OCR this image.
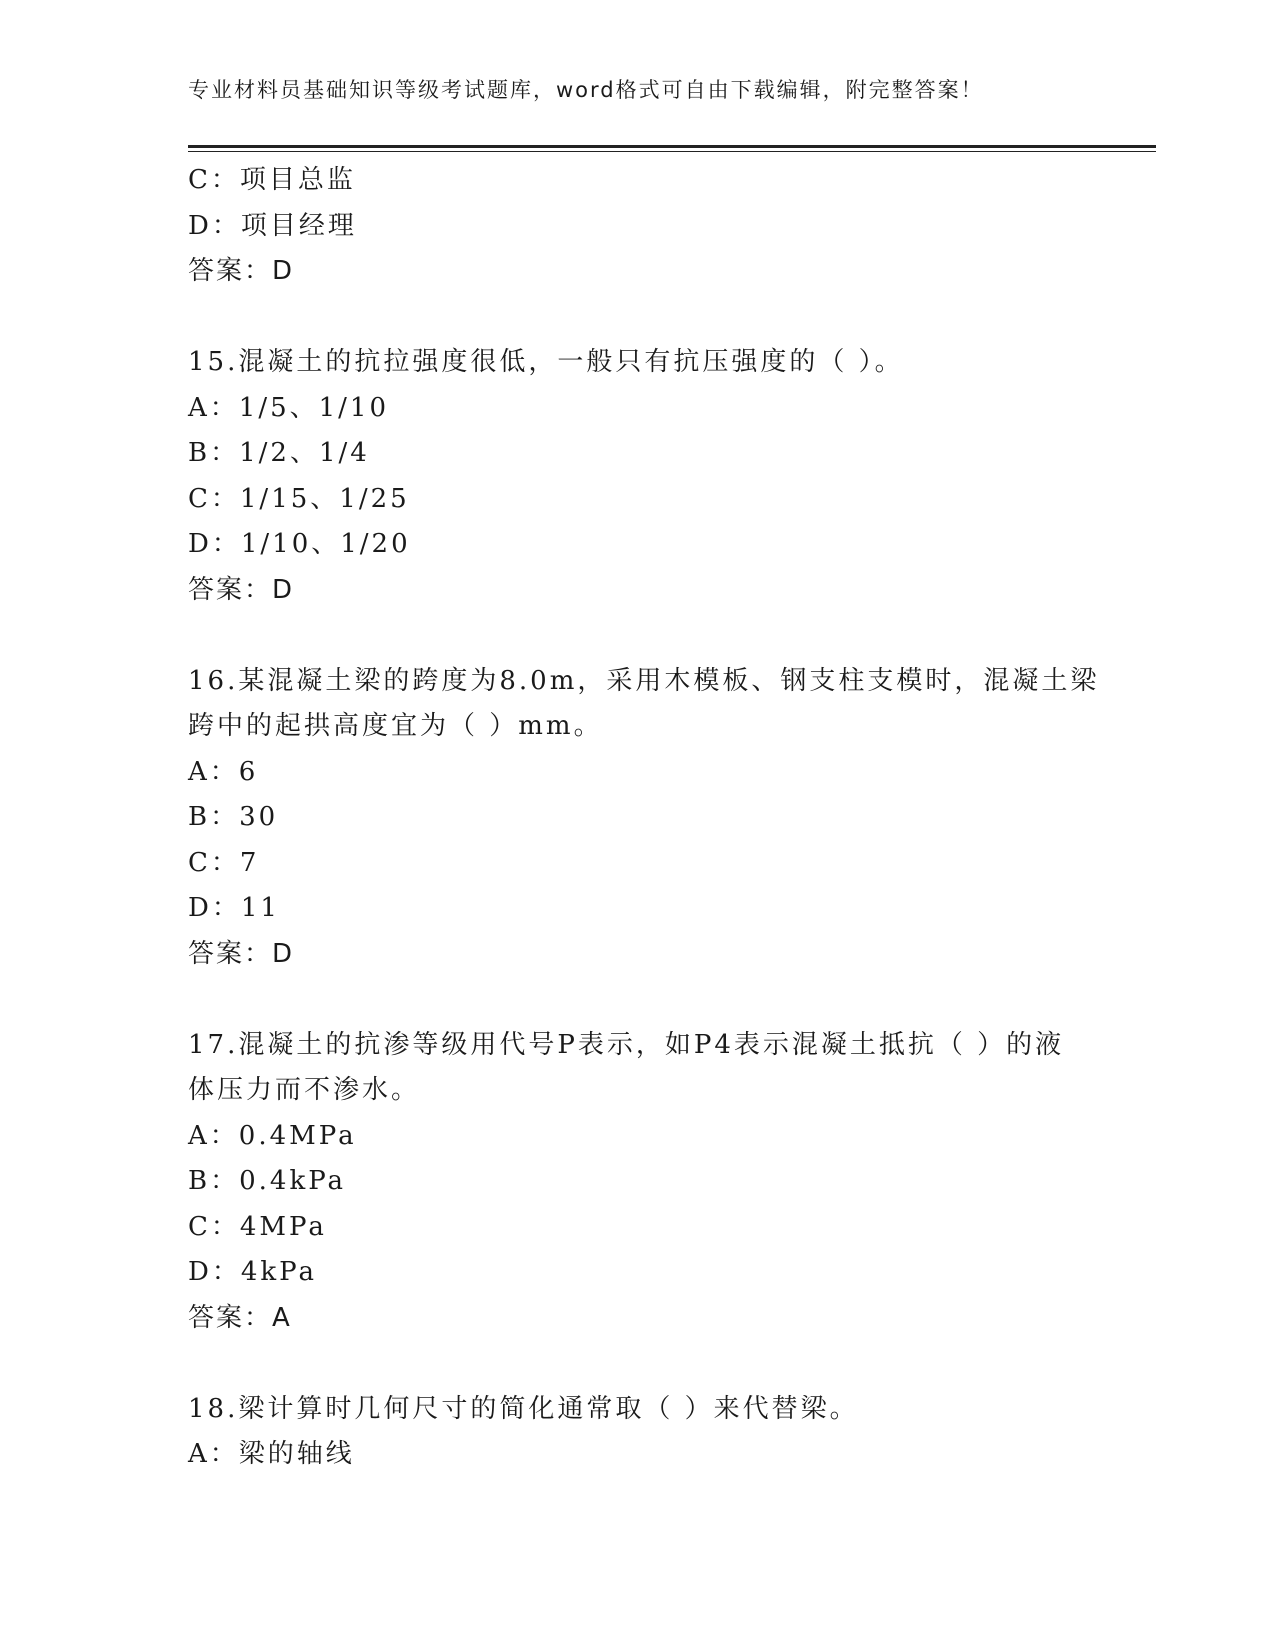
专业材料员基础知识等级考试题库，word格式可自由下载编辑，附完整答案！
C：项目总监
D：项目经理
答案：D
15.混凝土的抗拉强度很低，一般只有抗压强度的（ ）。
A：1/5、1/10
B：1/2、1/4
C：1/15、1/25
D：1/10、1/20
答案：D
16.某混凝土梁的跨度为8.0m，采用木模板、钢支柱支模时，混凝土梁
跨中的起拱高度宜为（ ）mm。
A：6
B：30
C：7
D：11
答案：D
17.混凝土的抗渗等级用代号P表示，如P4表示混凝土抵抗（ ）的液
体压力而不渗水。
A：0.4MPa
B：0.4kPa
C：4MPa
D：4kPa
答案：A
18.梁计算时几何尺寸的简化通常取（ ）来代替梁。
A：梁的轴线
